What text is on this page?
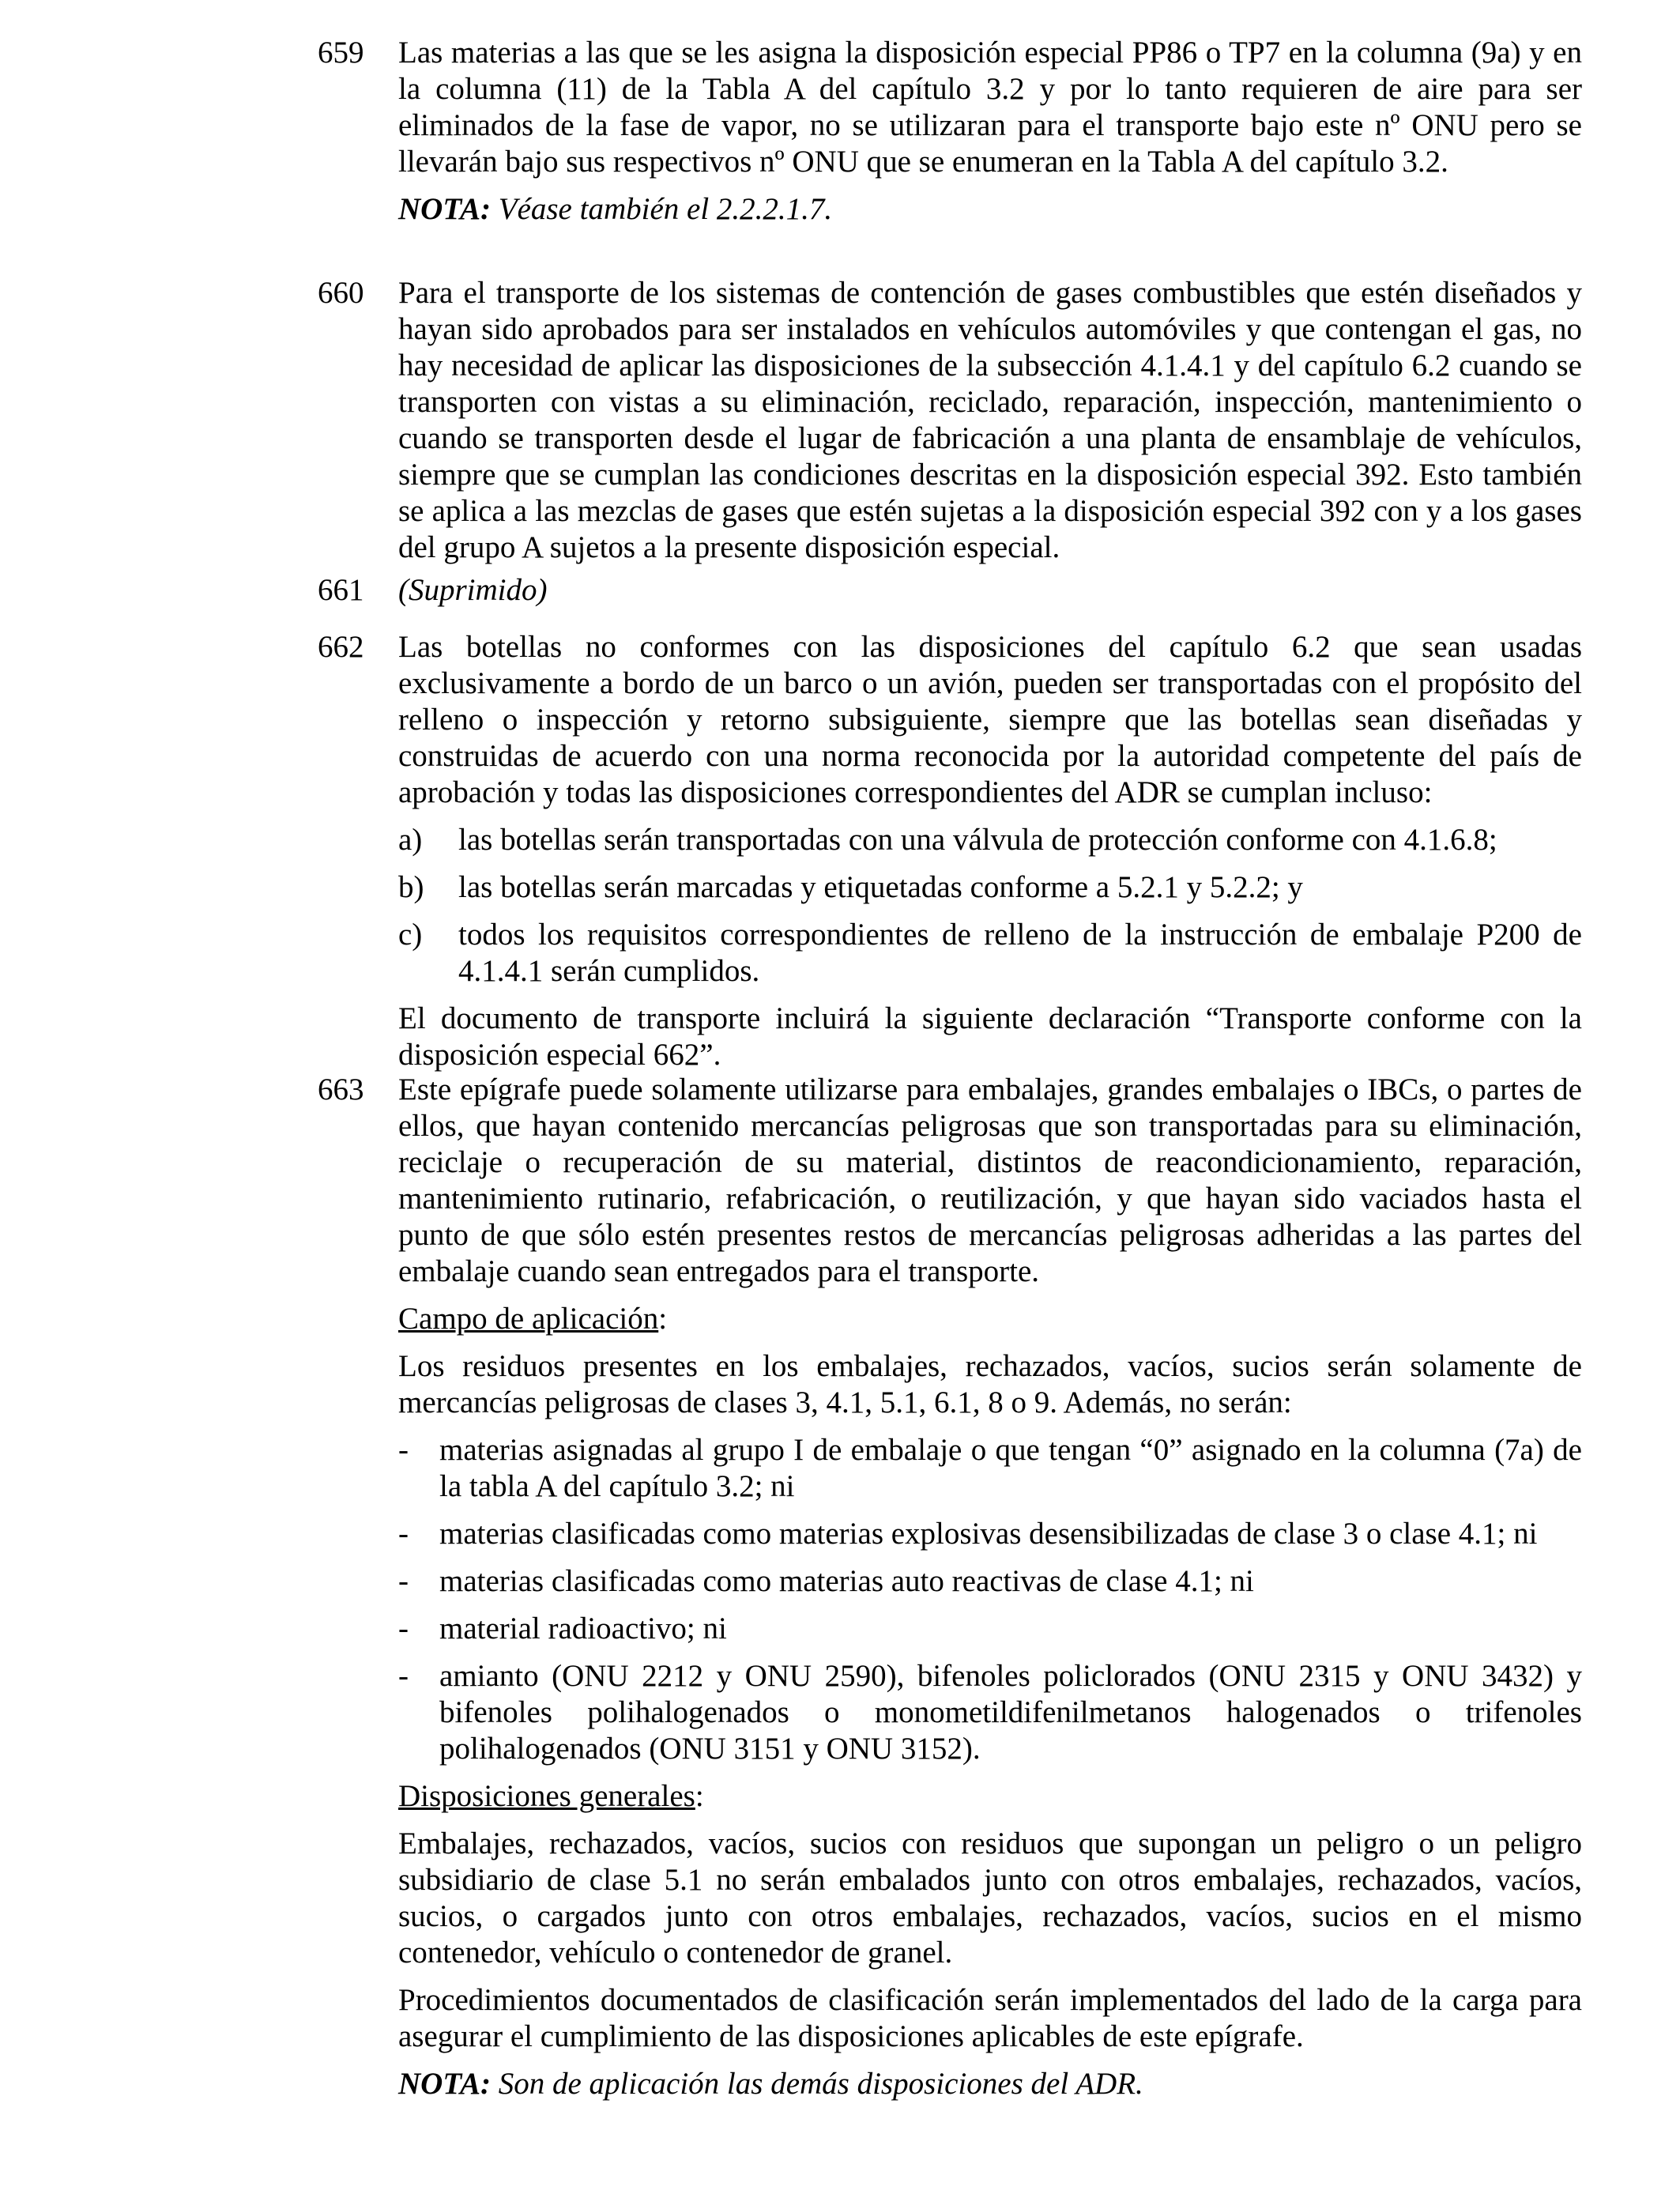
659	Las materias a las que se les asigna la disposición especial PP86 o TP7 en la columna (9a) y en la columna (11) de la Tabla A del capítulo 3.2 y por lo tanto requieren de aire para ser eliminados de la fase de vapor, no se utilizaran para el transporte bajo este nº ONU pero se llevarán bajo sus respectivos nº ONU que se enumeran en la Tabla A del capítulo 3.2.

NOTA: Véase también el 2.2.2.1.7.

660	Para el transporte de los sistemas de contención de gases combustibles que estén diseñados y hayan sido aprobados para ser instalados en vehículos automóviles y que contengan el gas, no hay necesidad de aplicar las disposiciones de la subsección 4.1.4.1 y del capítulo 6.2 cuando se transporten con vistas a su eliminación, reciclado, reparación, inspección, mantenimiento o cuando se transporten desde el lugar de fabricación a una planta de ensamblaje de vehículos, siempre que se cumplan las condiciones descritas en la disposición especial 392. Esto también se aplica a las mezclas de gases que estén sujetas a la disposición especial 392 con y a los gases del grupo A sujetos a la presente disposición especial.

661	(Suprimido)

662	Las botellas no conformes con las disposiciones del capítulo 6.2 que sean usadas exclusivamente a bordo de un barco o un avión, pueden ser transportadas con el propósito del relleno o inspección y retorno subsiguiente, siempre que las botellas sean diseñadas y construidas de acuerdo con una norma reconocida por la autoridad competente del país de aprobación y todas las disposiciones correspondientes del ADR se cumplan incluso:

a) las botellas serán transportadas con una válvula de protección conforme con 4.1.6.8;
b) las botellas serán marcadas y etiquetadas conforme a 5.2.1 y 5.2.2; y
c) todos los requisitos correspondientes de relleno de la instrucción de embalaje P200 de 4.1.4.1 serán cumplidos.

El documento de transporte incluirá la siguiente declaración “Transporte conforme con la disposición especial 662”.

663	Este epígrafe puede solamente utilizarse para embalajes, grandes embalajes o IBCs, o partes de ellos, que hayan contenido mercancías peligrosas que son transportadas para su eliminación, reciclaje o recuperación de su material, distintos de reacondicionamiento, reparación, mantenimiento rutinario, refabricación, o reutilización, y que hayan sido vaciados hasta el punto de que sólo estén presentes restos de mercancías peligrosas adheridas a las partes del embalaje cuando sean entregados para el transporte.

Campo de aplicación:

Los residuos presentes en los embalajes, rechazados, vacíos, sucios serán solamente de mercancías peligrosas de clases 3, 4.1, 5.1, 6.1, 8 o 9. Además, no serán:

- materias asignadas al grupo I de embalaje o que tengan “0” asignado en la columna (7a) de la tabla A del capítulo 3.2; ni
- materias clasificadas como materias explosivas desensibilizadas de clase 3 o clase 4.1; ni
- materias clasificadas como materias auto reactivas de clase 4.1; ni
- material radioactivo; ni
- amianto (ONU 2212 y ONU 2590), bifenoles policlorados (ONU 2315 y ONU 3432) y bifenoles polihalogenados o monometildifenilmetanos halogenados o trifenoles polihalogenados (ONU 3151 y ONU 3152).

Disposiciones generales:

Embalajes, rechazados, vacíos, sucios con residuos que supongan un peligro o un peligro subsidiario de clase 5.1 no serán embalados junto con otros embalajes, rechazados, vacíos, sucios, o cargados junto con otros embalajes, rechazados, vacíos, sucios en el mismo contenedor, vehículo o contenedor de granel.

Procedimientos documentados de clasificación serán implementados del lado de la carga para asegurar el cumplimiento de las disposiciones aplicables de este epígrafe.

NOTA: Son de aplicación las demás disposiciones del ADR.
